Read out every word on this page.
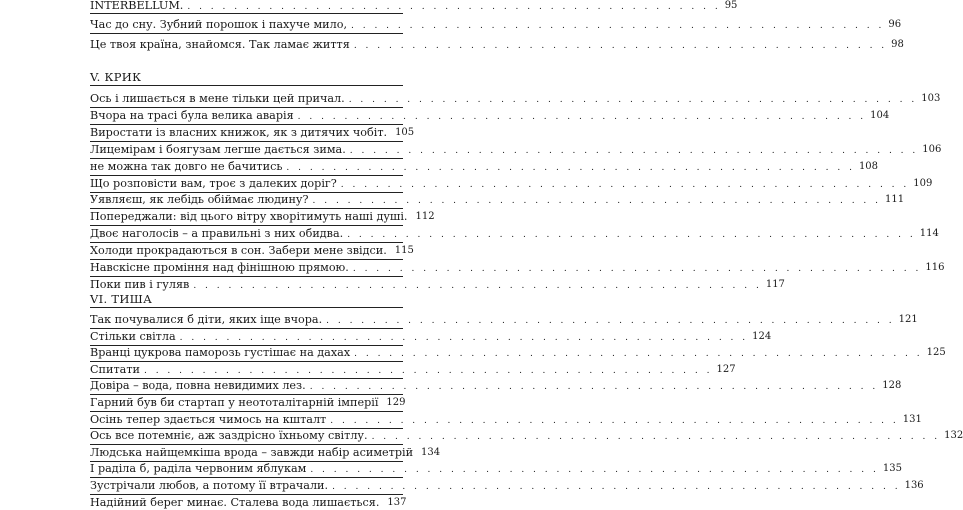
INTERBELLUM. . . . . . . . . . . . . . . . . . . . . . . . . . . . . . . . . . . . . . . . . . . . . . . 95
Час до сну. Зубний порошок і пахуче мило, . . . . . . . . . . . . . . . . . . . . . . . . . . . . . . . . . . . . . . . . . . . . . . 96
Це твоя країна, знайомся. Так ламає життя . . . . . . . . . . . . . . . . . . . . . . . . . . . . . . . . . . . . . . . . . . . . . . 98
V. КРИК
VI. ТИША
Ось і лишається в мене тільки цей причал. . . . . . . . . . . . . . . . . . . . . . . . . . . . . . . . . . . . . . . . . . . . . . . . . . 103
Вчора на трасі була велика аварія . . . . . . . . . . . . . . . . . . . . . . . . . . . . . . . . . . . . . . . . . . . . . . . . . 104
Виростати із власних книжок, як з дитячих чобіт. 105
Лицемірам і боягузам легше дається зима. . . . . . . . . . . . . . . . . . . . . . . . . . . . . . . . . . . . . . . . . . . . . . . . . . 106
не можна так довго не бачитись . . . . . . . . . . . . . . . . . . . . . . . . . . . . . . . . . . . . . . . . . . . . . . . . . 108
Що розповісти вам, троє з далеких доріг? . . . . . . . . . . . . . . . . . . . . . . . . . . . . . . . . . . . . . . . . . . . . . . . . . 109
Уявляєш, як лебідь обіймає людину? . . . . . . . . . . . . . . . . . . . . . . . . . . . . . . . . . . . . . . . . . . . . . . . . . 111
Попереджали: від цього вітру хворітимуть наші душі. 112
Двоє наголосів – а правильні з них обидва. . . . . . . . . . . . . . . . . . . . . . . . . . . . . . . . . . . . . . . . . . . . . . . . . . 114
Холоди прокрадаються в сон. Забери мене звідси. 115
Навскісне проміння над фінішною прямою. . . . . . . . . . . . . . . . . . . . . . . . . . . . . . . . . . . . . . . . . . . . . . . . . . 116
Поки пив і гуляв . . . . . . . . . . . . . . . . . . . . . . . . . . . . . . . . . . . . . . . . . . . . . . . . . 117
Так почувалися б діти, яких іще вчора. . . . . . . . . . . . . . . . . . . . . . . . . . . . . . . . . . . . . . . . . . . . . . . . . . 121
Стільки світла . . . . . . . . . . . . . . . . . . . . . . . . . . . . . . . . . . . . . . . . . . . . . . . . . 124
Вранці цукрова паморозь густішає на дахах . . . . . . . . . . . . . . . . . . . . . . . . . . . . . . . . . . . . . . . . . . . . . . . . . 125
Спитати . . . . . . . . . . . . . . . . . . . . . . . . . . . . . . . . . . . . . . . . . . . . . . . . . 127
Довіра – вода, повна невидимих лез. . . . . . . . . . . . . . . . . . . . . . . . . . . . . . . . . . . . . . . . . . . . . . . . . . 128
Гарний був би стартап у неототалітарній імперії 129
Осінь тепер здається чимось на кшталт . . . . . . . . . . . . . . . . . . . . . . . . . . . . . . . . . . . . . . . . . . . . . . . . . 131
Ось все потемніє, аж заздрісно їхньому світлу. . . . . . . . . . . . . . . . . . . . . . . . . . . . . . . . . . . . . . . . . . . . . . . . . . 132
Людська найщемкіша врода – завжди набір асиметрій 134
І раділа б, раділа червоним яблукам . . . . . . . . . . . . . . . . . . . . . . . . . . . . . . . . . . . . . . . . . . . . . . . . . 135
Зустрічали любов, а потому її втрачали. . . . . . . . . . . . . . . . . . . . . . . . . . . . . . . . . . . . . . . . . . . . . . . . . . 136
Надійний берег минає. Сталева вода лишається. 137
